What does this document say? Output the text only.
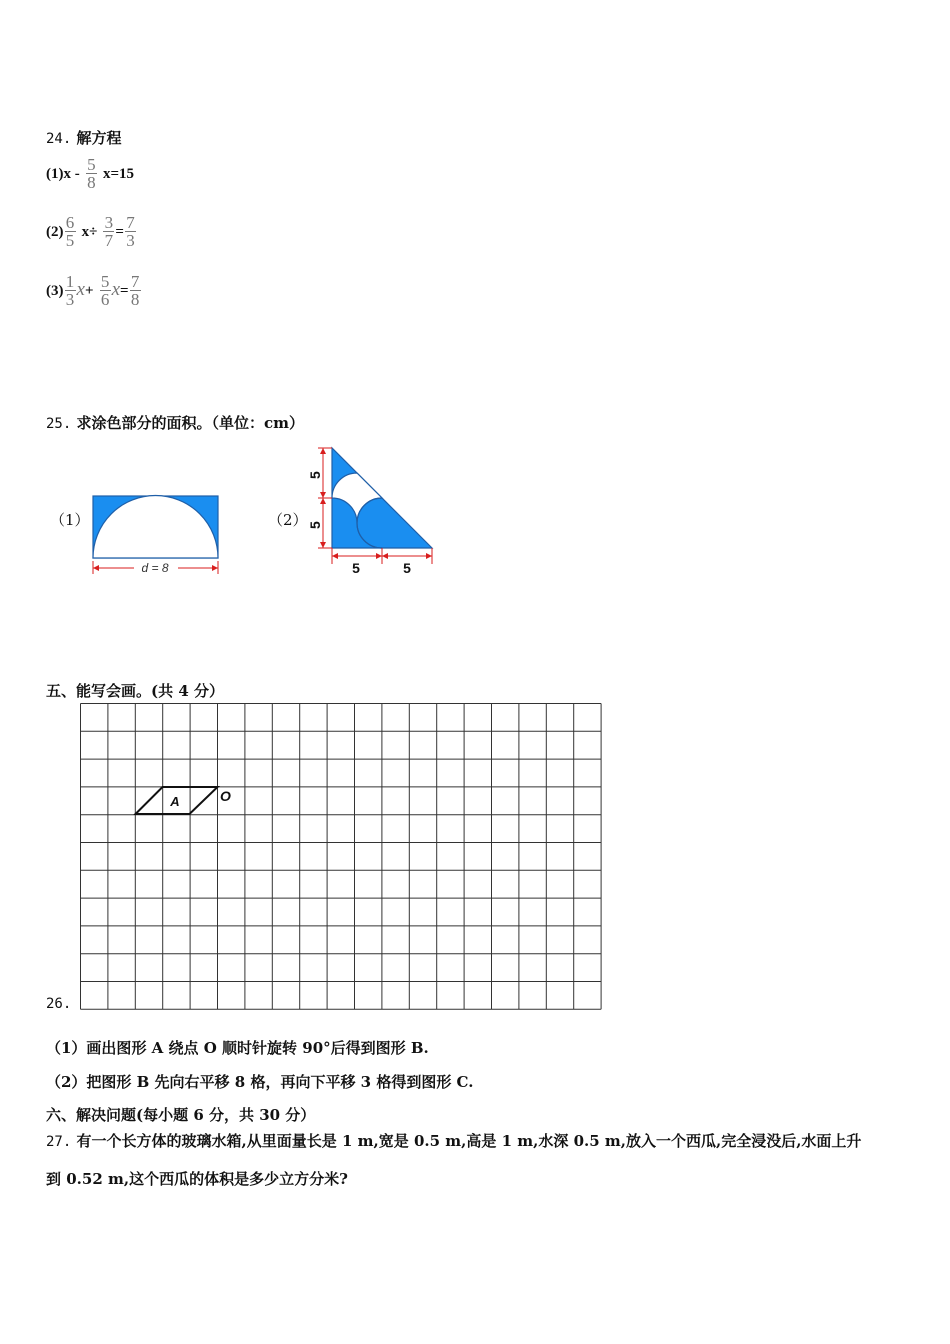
24. 解方程
$(1)x - \frac{5}{8} x=15$
$(2) \frac{6}{5} x\div \frac{3}{7} = \frac{7}{3}$
$(3) \frac{1}{3} x+ \frac{5}{6} x= \frac{7}{8}$
25. 求涂色部分的面积。（单位：cm）
（1）
d = 8
（2）
5
5
5	5
五、能写会画。(共 4 分）
A	O
26.
（1）画出图形 A 绕点 O 顺时针旋转 90°后得到图形 B.
（2）把图形 B 先向右平移 8 格，再向下平移 3 格得到图形 C.
六、解决问题(每小题 6 分，共 30 分）
27. 有一个长方体的玻璃水箱,从里面量长是 1 m,宽是 0.5 m,高是 1 m,水深 0.5 m,放入一个西瓜,完全浸没后,水面上升
到 0.52 m,这个西瓜的体积是多少立方分米?
